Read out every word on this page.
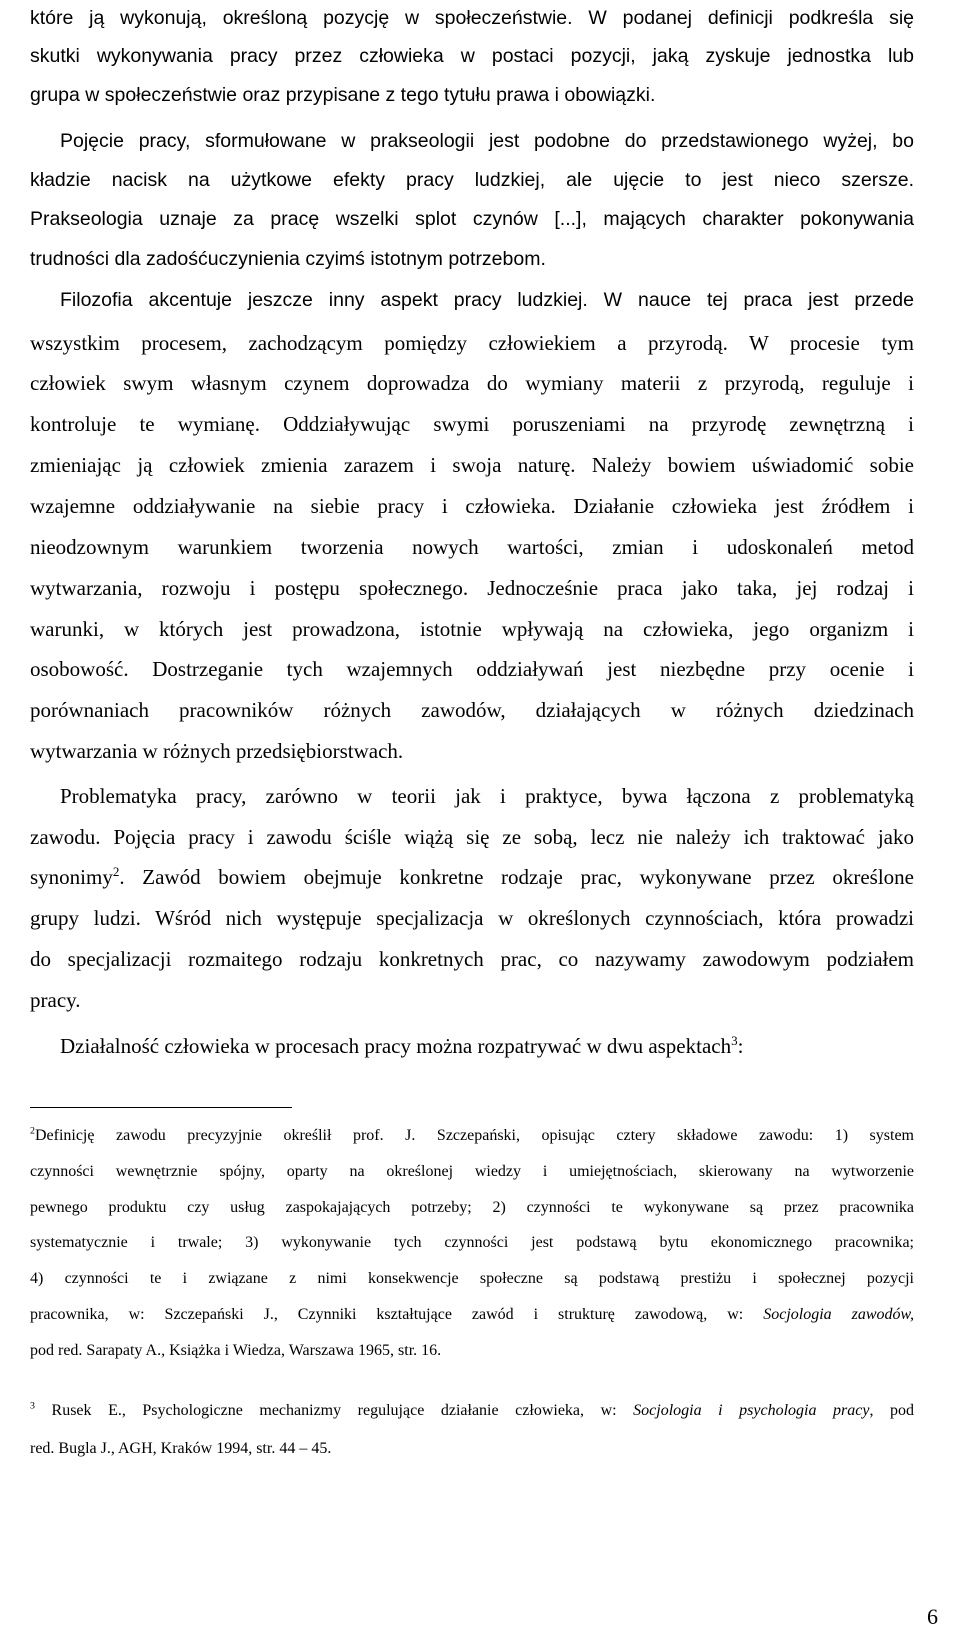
które ją wykonują, określoną pozycję w społeczeństwie. W podanej definicji podkreśla się

skutki wykonywania pracy przez człowieka w postaci pozycji, jaką zyskuje jednostka lub

grupa w społeczeństwie oraz przypisane z tego tytułu prawa i obowiązki.

Pojęcie pracy, sformułowane w prakseologii jest podobne do przedstawionego wyżej, bo

kładzie nacisk na użytkowe efekty pracy ludzkiej, ale ujęcie to jest nieco szersze.

Prakseologia uznaje za pracę wszelki splot czynów [...], mających charakter pokonywania

trudności dla zadośćuczynienia czyimś istotnym potrzebom.

Filozofia akcentuje jeszcze inny aspekt pracy ludzkiej. W nauce tej praca jest przede

wszystkim procesem, zachodzącym pomiędzy człowiekiem a przyrodą. W procesie tym

człowiek swym własnym czynem doprowadza do wymiany materii z przyrodą, reguluje i

kontroluje te wymianę. Oddziaływując swymi poruszeniami na przyrodę zewnętrzną i

zmieniając ją człowiek zmienia zarazem i swoja naturę. Należy bowiem uświadomić sobie

wzajemne oddziaływanie na siebie pracy i człowieka. Działanie człowieka jest źródłem i

nieodzownym warunkiem tworzenia nowych wartości, zmian i udoskonaleń metod

wytwarzania, rozwoju i postępu społecznego. Jednocześnie praca jako taka, jej rodzaj i

warunki, w których jest prowadzona, istotnie wpływają na człowieka, jego organizm i

osobowość. Dostrzeganie tych wzajemnych oddziaływań jest niezbędne przy ocenie i

porównaniach pracowników różnych zawodów, działających w różnych dziedzinach

wytwarzania w różnych przedsiębiorstwach.

Problematyka pracy, zarówno w teorii jak i praktyce, bywa łączona z problematyką

zawodu. Pojęcia pracy i zawodu ściśle wiążą się ze sobą, lecz nie należy ich traktować jako

synonimy$^2$. Zawód bowiem obejmuje konkretne rodzaje prac, wykonywane przez określone

grupy ludzi. Wśród nich występuje specjalizacja w określonych czynnościach, która prowadzi

do specjalizacji rozmaitego rodzaju konkretnych prac, co nazywamy zawodowym podziałem

pracy.

Działalność człowieka w procesach pracy można rozpatrywać w dwu aspektach$^3$:

$^2$Definicję zawodu precyzyjnie określił prof. J. Szczepański, opisując cztery składowe zawodu: 1) system

czynności wewnętrznie spójny, oparty na określonej wiedzy i umiejętnościach, skierowany na wytworzenie

pewnego produktu czy usług zaspokajających potrzeby; 2) czynności te wykonywane są przez pracownika

systematycznie i trwale; 3) wykonywanie tych czynności jest podstawą bytu ekonomicznego pracownika;

4) czynności te i związane z nimi konsekwencje społeczne są podstawą prestiżu i społecznej pozycji

pracownika, w: Szczepański J., Czynniki kształtujące zawód i strukturę zawodową, w: Socjologia zawodów,

pod red. Sarapaty A., Książka i Wiedza, Warszawa 1965, str. 16.

$^3$ Rusek E., Psychologiczne mechanizmy regulujące działanie człowieka, w: Socjologia i psychologia pracy, pod

red. Bugla J., AGH, Kraków 1994, str. 44 – 45.

6
